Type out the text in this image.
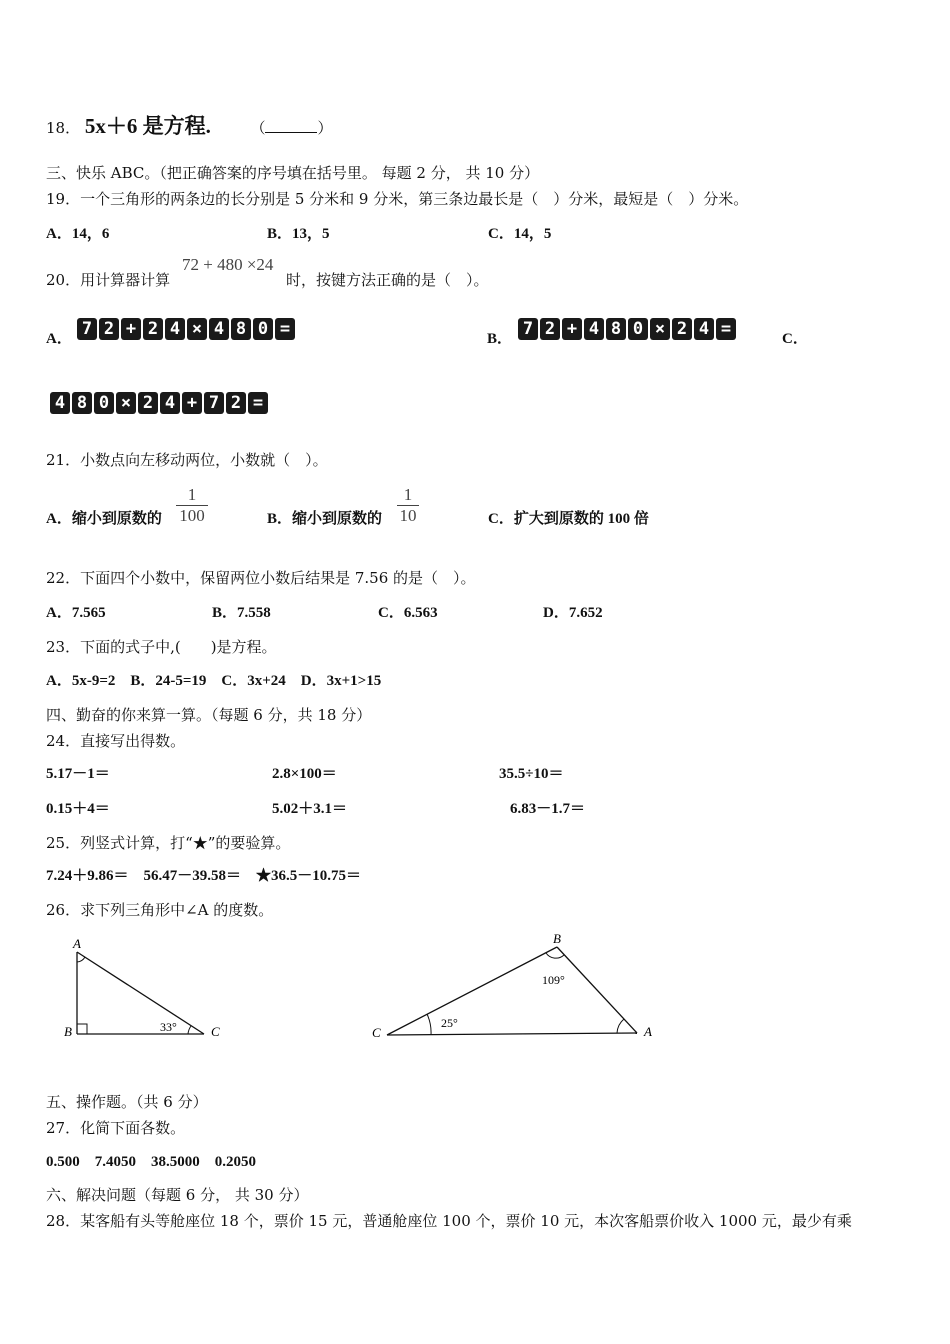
18． 5x＋6 是方程.	（	）
三、快乐 ABC。（把正确答案的序号填在括号里。 每题 2 分， 共 10 分）
19．一个三角形的两条边的长分别是 5 分米和 9 分米，第三条边最长是（　）分米，最短是（　）分米。
A．14，6	B．13，5	C．14，5
20．用计算器计算
72 + 480 ×24
时，按键方法正确的是（　）。
A． 7 2 + 2 4 × 4 8 0 =	B． 7 2 + 4 8 0 × 2 4 =	C．
4 8 0 × 2 4 + 7 2 =
21．小数点向左移动两位，小数就（　）。
A．缩小到原数的
1
100	B．缩小到原数的
1
10	C．扩大到原数的 100 倍
22．下面四个小数中，保留两位小数后结果是 7.56 的是（　）。
A．7.565	B．7.558	C．6.563	D．7.652
23．下面的式子中,(　　)是方程。
A．5x-9=2　B．24-5=19　C．3x+24　D．3x+1>15
四、勤奋的你来算一算。（每题 6 分，共 18 分）
24．直接写出得数。
5.17－1＝	2.8×100＝	35.5÷10＝
0.15＋4＝	5.02＋3.1＝	6.83－1.7＝
25．列竖式计算，打“★”的要验算。
7.24＋9.86＝　56.47－39.58＝　★36.5－10.75＝
26．求下列三角形中∠A 的度数。
A
B	C
33°
B
C	A
109°
25°
五、操作题。（共 6 分）
27．化简下面各数。
0.500　7.4050　38.5000　0.2050
六、解决问题（每题 6 分， 共 30 分）
28．某客船有头等舱座位 18 个，票价 15 元，普通舱座位 100 个，票价 10 元，本次客船票价收入 1000 元，最少有乘
